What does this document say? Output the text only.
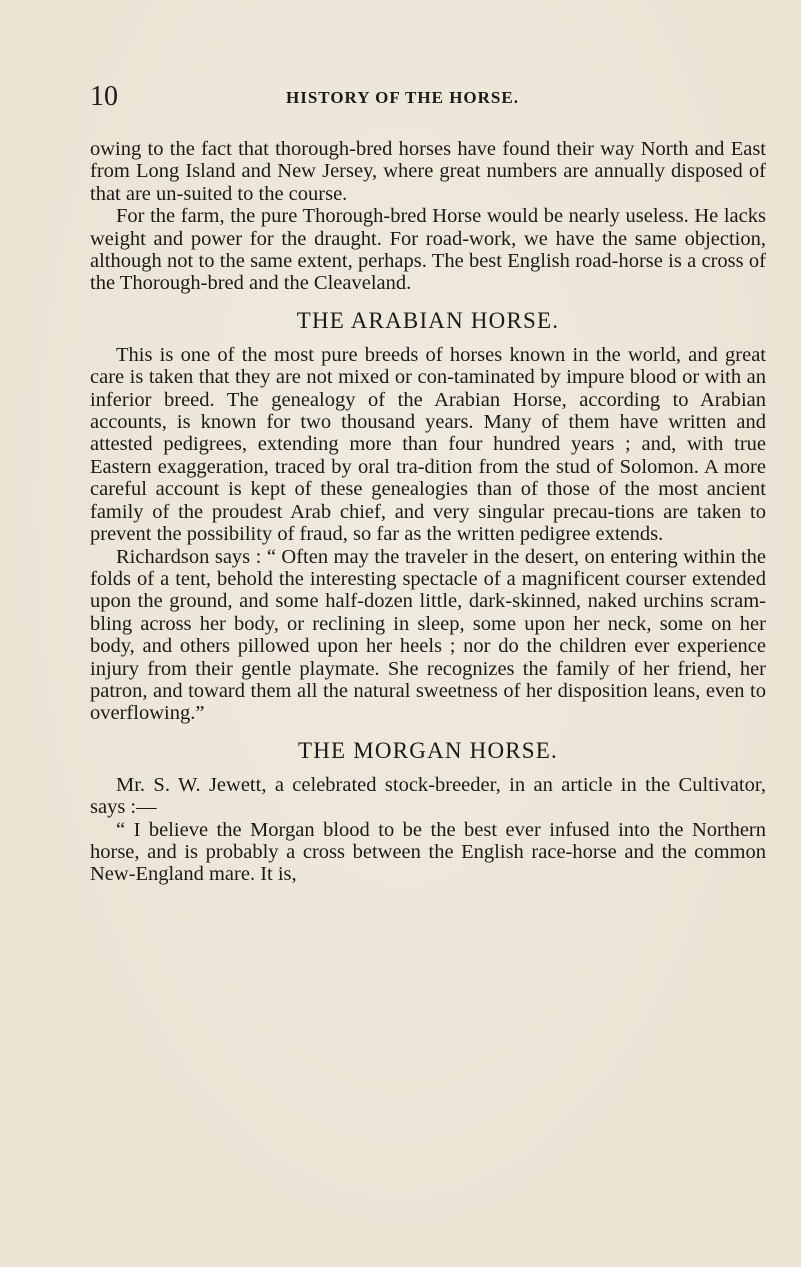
10	HISTORY OF THE HORSE.

owing to the fact that thorough-bred horses have found their way North and East from Long Island and New Jersey, where great numbers are annually disposed of that are un-suited to the course.

For the farm, the pure Thorough-bred Horse would be nearly useless. He lacks weight and power for the draught. For road-work, we have the same objection, although not to the same extent, perhaps. The best English road-horse is a cross of the Thorough-bred and the Cleaveland.

THE ARABIAN HORSE.

This is one of the most pure breeds of horses known in the world, and great care is taken that they are not mixed or con-taminated by impure blood or with an inferior breed. The genealogy of the Arabian Horse, according to Arabian accounts, is known for two thousand years. Many of them have written and attested pedigrees, extending more than four hundred years ; and, with true Eastern exaggeration, traced by oral tra-dition from the stud of Solomon. A more careful account is kept of these genealogies than of those of the most ancient family of the proudest Arab chief, and very singular precau-tions are taken to prevent the possibility of fraud, so far as the written pedigree extends.

Richardson says : “ Often may the traveler in the desert, on entering within the folds of a tent, behold the interesting spectacle of a magnificent courser extended upon the ground, and some half-dozen little, dark-skinned, naked urchins scram-bling across her body, or reclining in sleep, some upon her neck, some on her body, and others pillowed upon her heels ; nor do the children ever experience injury from their gentle playmate. She recognizes the family of her friend, her patron, and toward them all the natural sweetness of her disposition leans, even to overflowing.”

THE MORGAN HORSE.

Mr. S. W. Jewett, a celebrated stock-breeder, in an article in the Cultivator, says :—

“ I believe the Morgan blood to be the best ever infused into the Northern horse, and is probably a cross between the English race-horse and the common New-England mare. It is,
